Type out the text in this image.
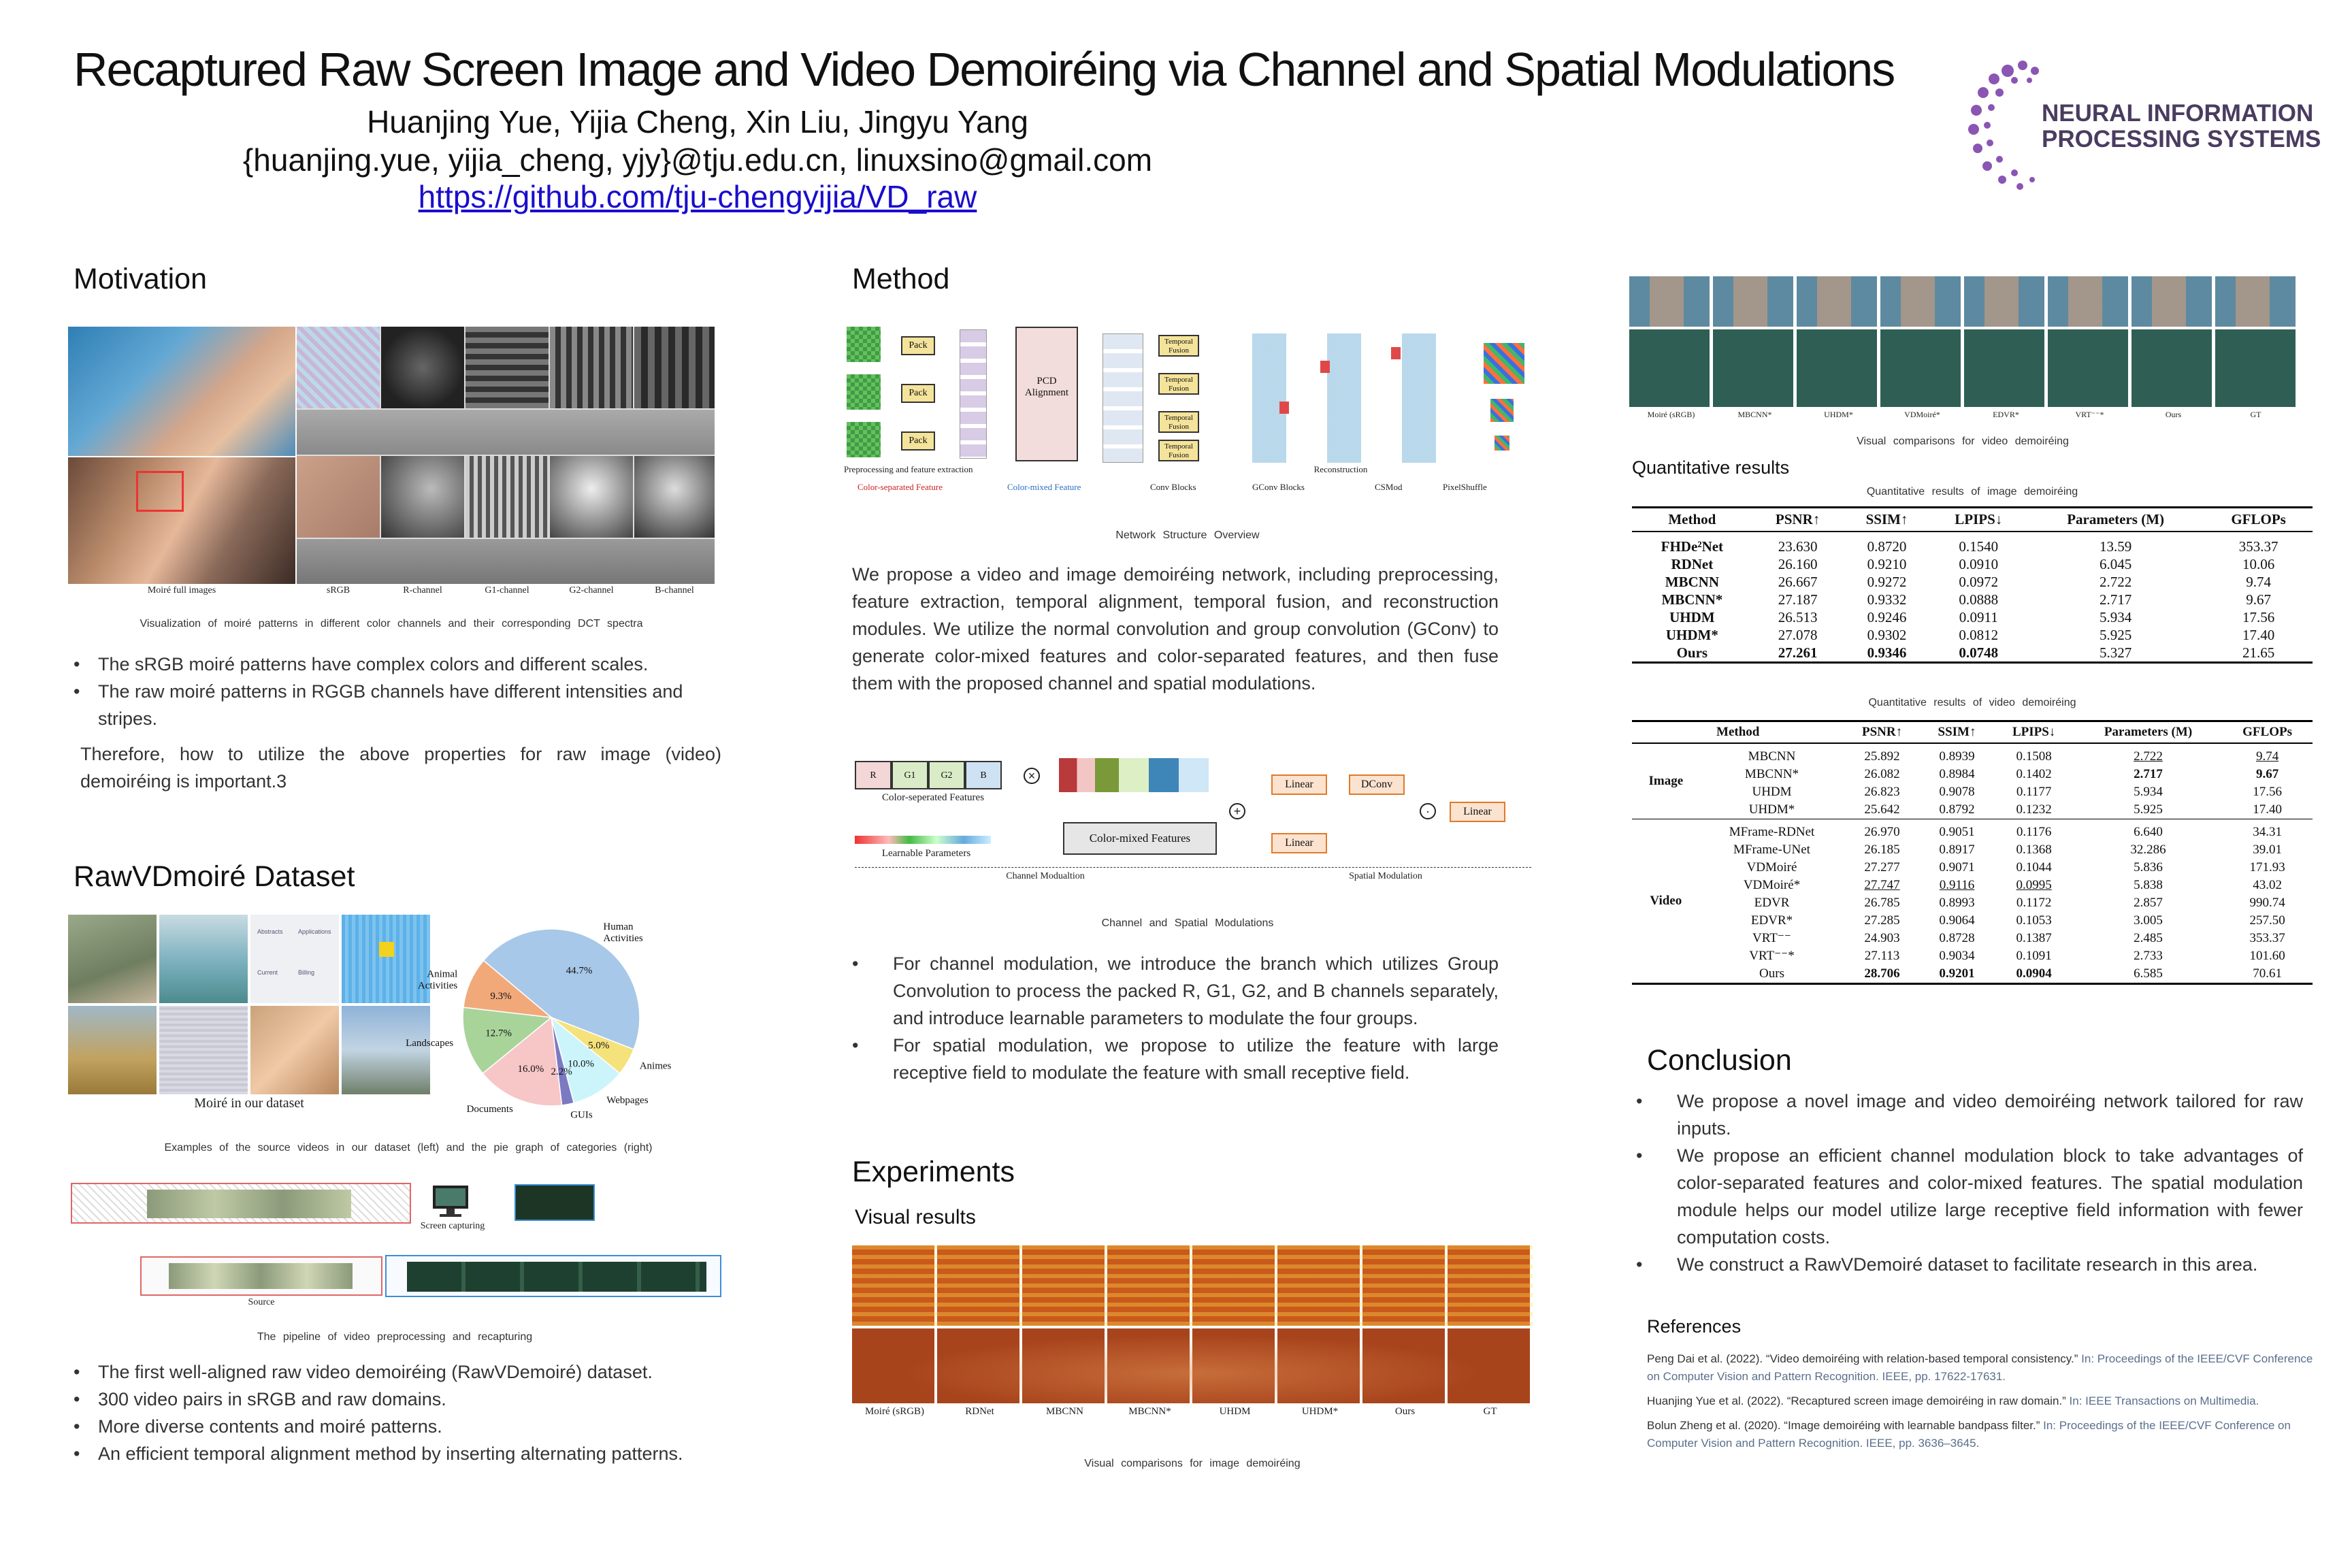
Recaptured Raw Screen Image and Video Demoiréing via Channel and Spatial Modulations
Huanjing Yue, Yijia Cheng, Xin Liu, Jingyu Yang
{huanjing.yue, yijia_cheng, yjy}@tju.edu.cn, linuxsino@gmail.com
https://github.com/tju-chengyijia/VD_raw
NEURAL INFORMATION
PROCESSING SYSTEMS
Motivation
Moiré full images	sRGB	R-channel	G1-channel	G2-channel	B-channel
Visualization of moiré patterns in different color channels and their corresponding DCT spectra
• The sRGB moiré patterns have complex colors and different scales.
• The raw moiré patterns in RGGB channels have different intensities and stripes.
Therefore, how to utilize the above properties for raw image (video) demoiréing is important.3
RawVDmoiré Dataset
Abstracts Applications
Current	Billing
Moiré in our dataset
44.7%
Human
Activities
5.0%
Animes
10.0%
Webpages
2.2%
GUIs
16.0%
Documents
12.7%
Landscapes
9.3%
Animal
Activities
Examples of the source videos in our dataset (left) and the pie graph of categories (right)
Screen capturing
Source
The pipeline of video preprocessing and recapturing
• The first well-aligned raw video demoiréing (RawVDemoiré) dataset.
• 300 video pairs in sRGB and raw domains.
• More diverse contents and moiré patterns.
• An efficient temporal alignment method by inserting alternating patterns.
Method
Pack
Pack
Pack
PCD Alignment
Temporal Fusion
Temporal Fusion
Temporal Fusion
Temporal Fusion
Preprocessing and feature extraction	Reconstruction
Color-separated Feature	Color-mixed Feature	Conv Blocks	GConv Blocks	CSMod	PixelShuffle
Network Structure Overview
We propose a video and image demoiréing network, including preprocessing, feature extraction, temporal alignment, temporal fusion, and reconstruction modules. We utilize the normal convolution and group convolution (GConv) to generate color-mixed features and color-separated features, and then fuse them with the proposed channel and spatial modulations.
R	G1	G2	B
Color-seperated Features
Learnable Parameters
×
Color-mixed Features
+
Linear	DConv
Linear
·	Linear
Channel Modualtion	Spatial Modulation
Channel and Spatial Modulations
• For channel modulation, we introduce the branch which utilizes Group Convolution to process the packed R, G1, G2, and B channels separately, and introduce learnable parameters to modulate the four groups.
• For spatial modulation, we propose to utilize the feature with large receptive field to modulate the feature with small receptive field.
Experiments
Visual results
Moiré (sRGB)	RDNet	MBCNN	MBCNN*	UHDM	UHDM*	Ours	GT
Visual comparisons for image demoiréing
Moiré (sRGB)	MBCNN*	UHDM*	VDMoiré*	EDVR*	VRT⁻⁻*	Ours	GT
Visual comparisons for video demoiréing
Quantitative results
Quantitative results of image demoiréing
Method	PSNR↑	SSIM↑	LPIPS↓	Parameters (M)	GFLOPs
FHDe²Net	23.630	0.8720	0.1540	13.59	353.37
RDNet	26.160	0.9210	0.0910	6.045	10.06
MBCNN	26.667	0.9272	0.0972	2.722	9.74
MBCNN*	27.187	0.9332	0.0888	2.717	9.67
UHDM	26.513	0.9246	0.0911	5.934	17.56
UHDM*	27.078	0.9302	0.0812	5.925	17.40
Ours	27.261	0.9346	0.0748	5.327	21.65
Quantitative results of video demoiréing
Method		PSNR↑	SSIM↑	LPIPS↓	Parameters (M)	GFLOPs
Image	MBCNN	25.892	0.8939	0.1508	2.722	9.74
	MBCNN*	26.082	0.8984	0.1402	2.717	9.67
	UHDM	26.823	0.9078	0.1177	5.934	17.56
	UHDM*	25.642	0.8792	0.1232	5.925	17.40
Video	MFrame-RDNet	26.970	0.9051	0.1176	6.640	34.31
	MFrame-UNet	26.185	0.8917	0.1368	32.286	39.01
	VDMoiré	27.277	0.9071	0.1044	5.836	171.93
	VDMoiré*	27.747	0.9116	0.0995	5.838	43.02
	EDVR	26.785	0.8993	0.1172	2.857	990.74
	EDVR*	27.285	0.9064	0.1053	3.005	257.50
	VRT⁻⁻	24.903	0.8728	0.1387	2.485	353.37
	VRT⁻⁻*	27.113	0.9034	0.1091	2.733	101.60
	Ours	28.706	0.9201	0.0904	6.585	70.61
Conclusion
• We propose a novel image and video demoiréing network tailored for raw inputs.
• We propose an efficient channel modulation block to take advantages of color-separated features and color-mixed features. The spatial modulation module helps our model utilize large receptive field information with fewer computation costs.
• We construct a RawVDemoiré dataset to facilitate research in this area.
References
Peng Dai et al. (2022). “Video demoiréing with relation-based temporal consistency.” In: Proceedings of the IEEE/CVF Conference on Computer Vision and Pattern Recognition. IEEE, pp. 17622-17631.
Huanjing Yue et al. (2022). “Recaptured screen image demoiréing in raw domain.” In: IEEE Transactions on Multimedia.
Bolun Zheng et al. (2020). “Image demoiréing with learnable bandpass filter.” In: Proceedings of the IEEE/CVF Conference on Computer Vision and Pattern Recognition. IEEE, pp. 3636–3645.
